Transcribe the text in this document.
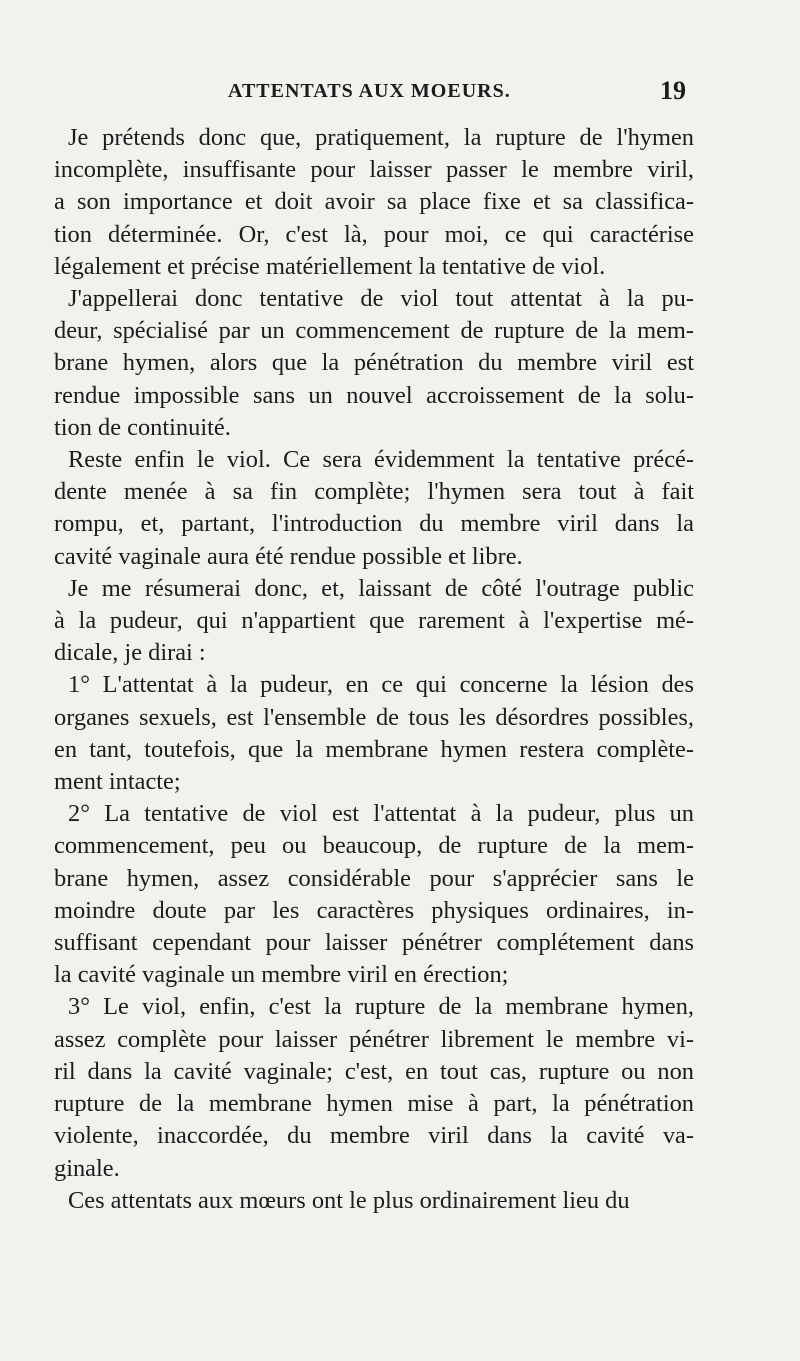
ATTENTATS AUX MOEURS.	19
Je prétends donc que, pratiquement, la rupture de l'hymen
incomplète, insuffisante pour laisser passer le membre viril,
a son importance et doit avoir sa place fixe et sa classifica-
tion déterminée. Or, c'est là, pour moi, ce qui caractérise
légalement et précise matériellement la tentative de viol.
J'appellerai donc tentative de viol tout attentat à la pu-
deur, spécialisé par un commencement de rupture de la mem-
brane hymen, alors que la pénétration du membre viril est
rendue impossible sans un nouvel accroissement de la solu-
tion de continuité.
Reste enfin le viol. Ce sera évidemment la tentative précé-
dente menée à sa fin complète; l'hymen sera tout à fait
rompu, et, partant, l'introduction du membre viril dans la
cavité vaginale aura été rendue possible et libre.
Je me résumerai donc, et, laissant de côté l'outrage public
à la pudeur, qui n'appartient que rarement à l'expertise mé-
dicale, je dirai :
1° L'attentat à la pudeur, en ce qui concerne la lésion des
organes sexuels, est l'ensemble de tous les désordres possibles,
en tant, toutefois, que la membrane hymen restera complète-
ment intacte;
2° La tentative de viol est l'attentat à la pudeur, plus un
commencement, peu ou beaucoup, de rupture de la mem-
brane hymen, assez considérable pour s'apprécier sans le
moindre doute par les caractères physiques ordinaires, in-
suffisant cependant pour laisser pénétrer complétement dans
la cavité vaginale un membre viril en érection;
3° Le viol, enfin, c'est la rupture de la membrane hymen,
assez complète pour laisser pénétrer librement le membre vi-
ril dans la cavité vaginale; c'est, en tout cas, rupture ou non
rupture de la membrane hymen mise à part, la pénétration
violente, inaccordée, du membre viril dans la cavité va-
ginale.
Ces attentats aux mœurs ont le plus ordinairement lieu du
